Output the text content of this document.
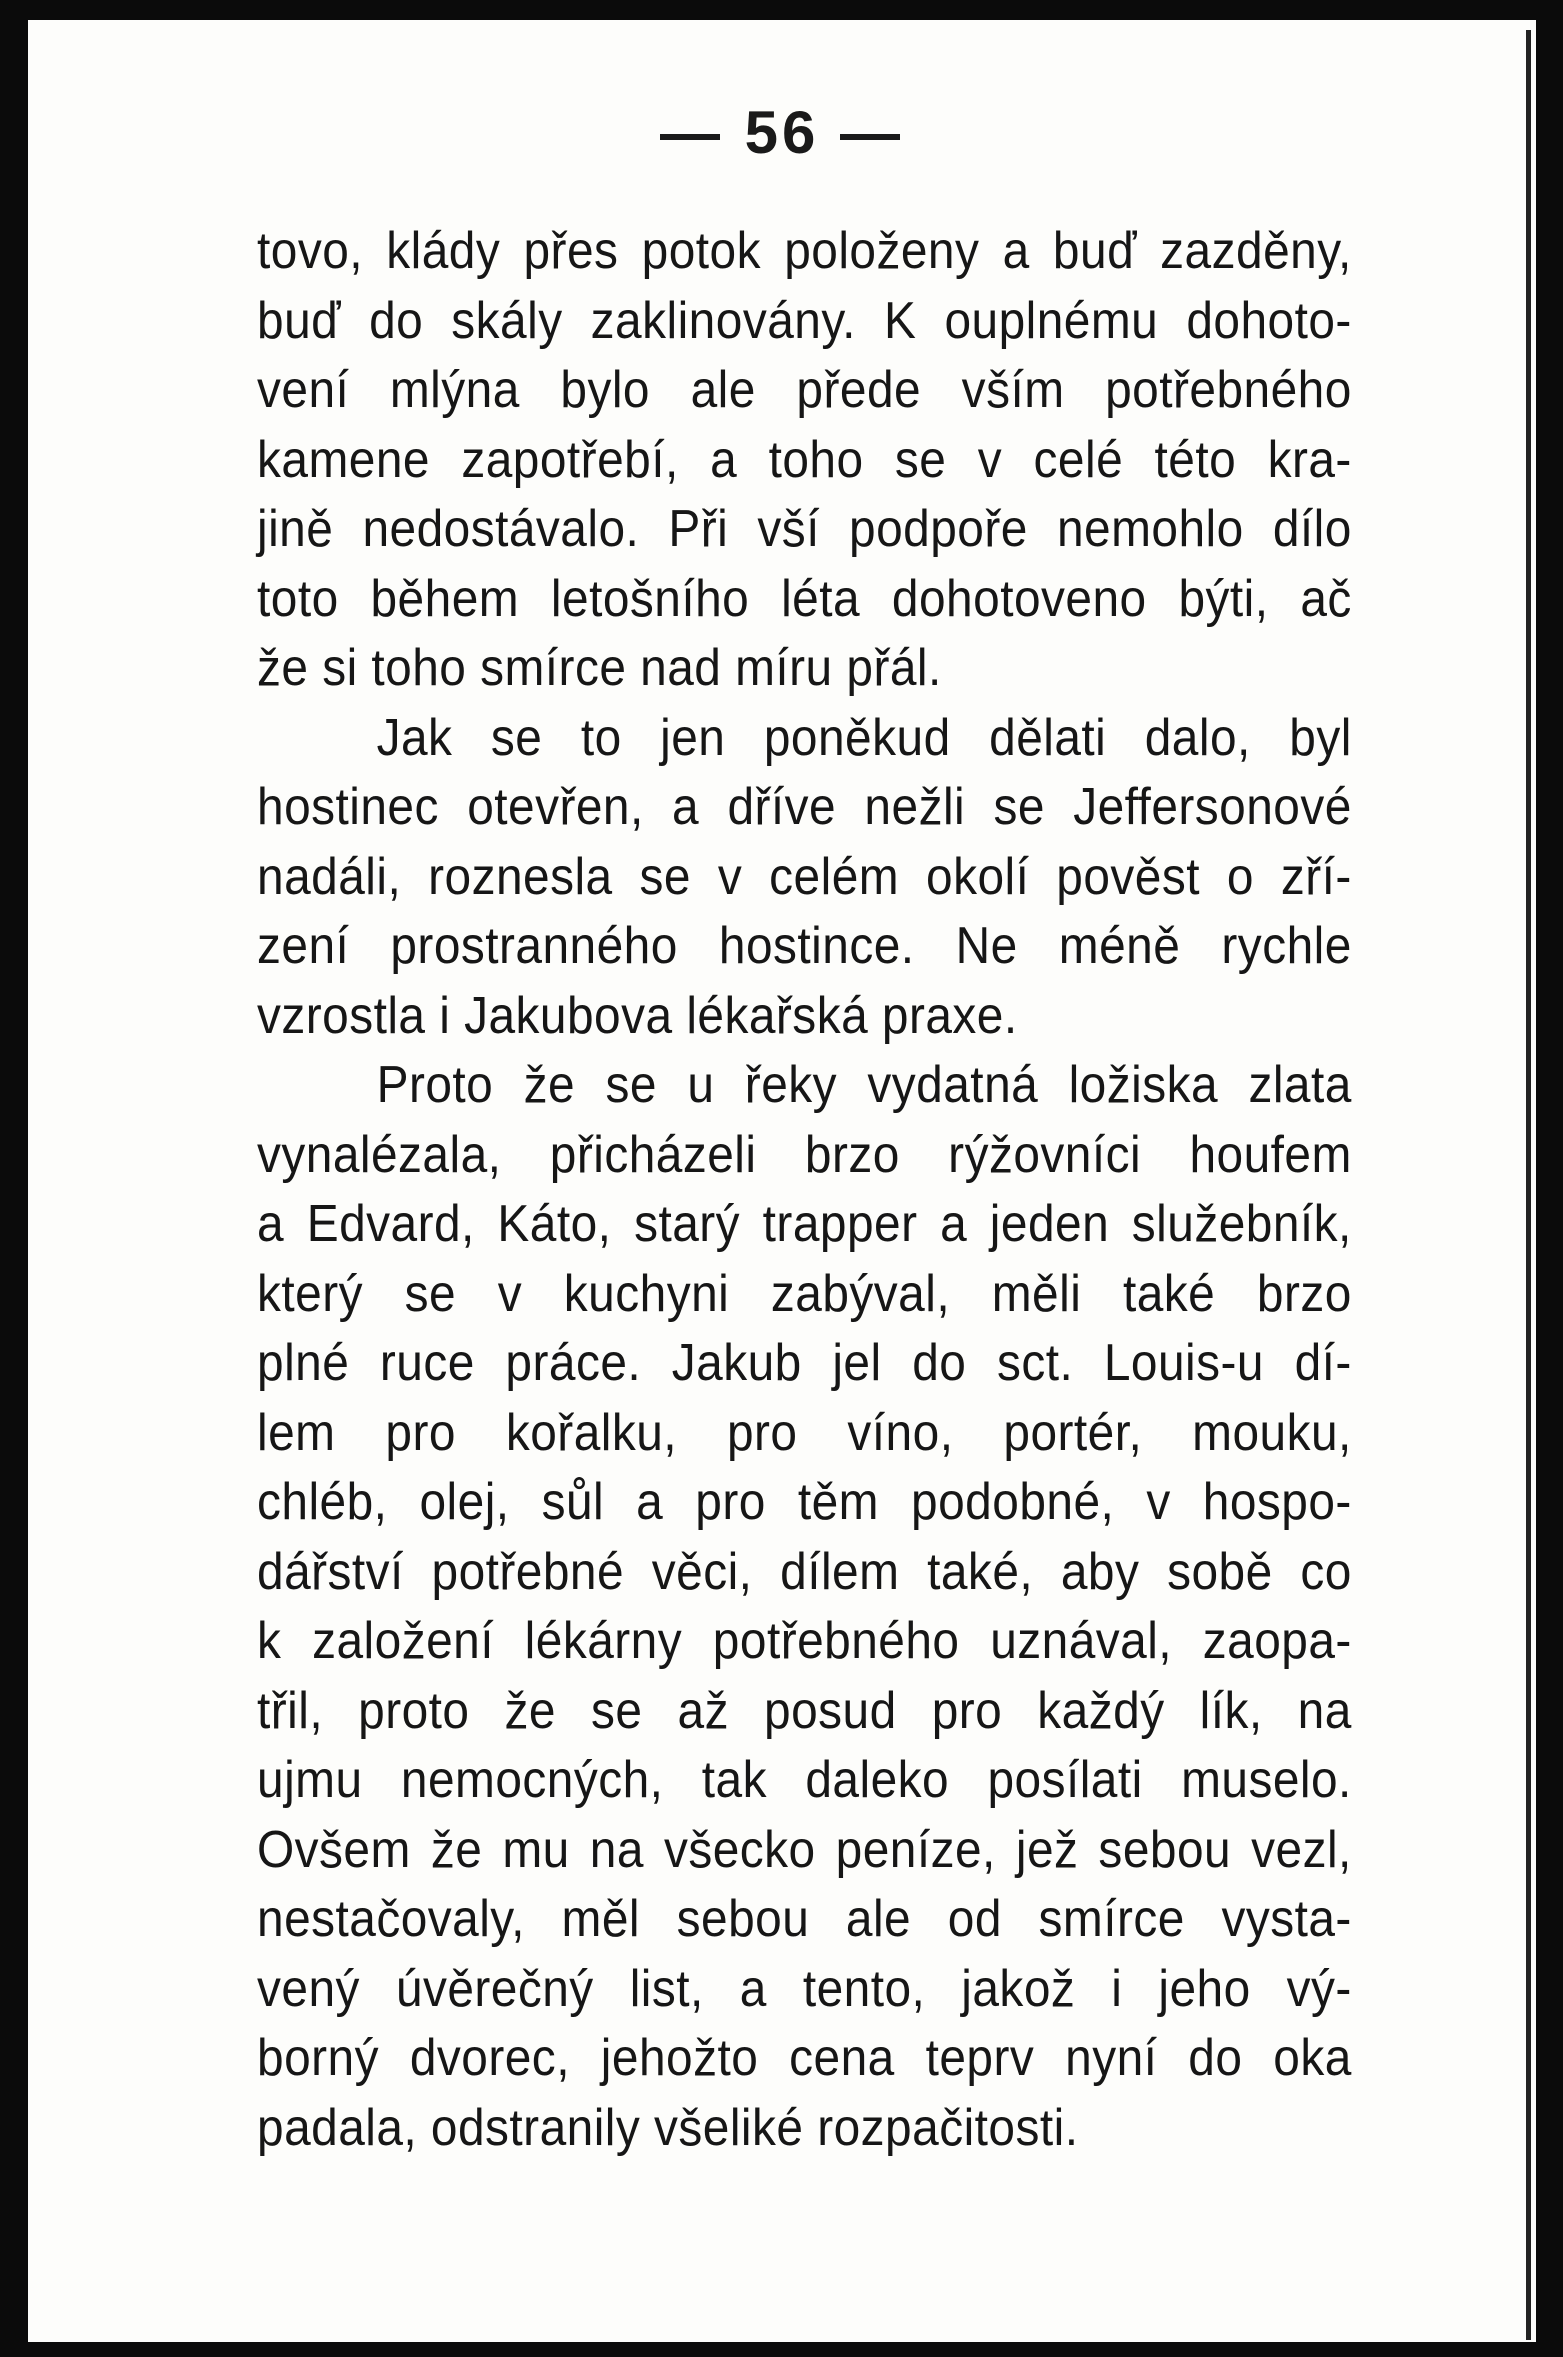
— 56 —
tovo, klády přes potok položeny a buď zazděny,
buď do skály zaklinovány. K ouplnému dohoto-
vení mlýna bylo ale přede vším potřebného
kamene zapotřebí, a toho se v celé této kra-
jině nedostávalo. Při vší podpoře nemohlo dílo
toto během letošního léta dohotoveno býti, ač
že si toho smírce nad míru přál.
Jak se to jen poněkud dělati dalo, byl
hostinec otevřen, a dříve nežli se Jeffersonové
nadáli, roznesla se v celém okolí pověst o zří-
zení prostranného hostince. Ne méně rychle
vzrostla i Jakubova lékařská praxe.
Proto že se u řeky vydatná ložiska zlata
vynalézala, přicházeli brzo rýžovníci houfem
a Edvard, Káto, starý trapper a jeden služebník,
který se v kuchyni zabýval, měli také brzo
plné ruce práce. Jakub jel do sct. Louis-u dí-
lem pro kořalku, pro víno, portér, mouku,
chléb, olej, sůl a pro těm podobné, v hospo-
dářství potřebné věci, dílem také, aby sobě co
k založení lékárny potřebného uznával, zaopa-
třil, proto že se až posud pro každý lík, na
ujmu nemocných, tak daleko posílati muselo.
Ovšem že mu na všecko peníze, jež sebou vezl,
nestačovaly, měl sebou ale od smírce vysta-
vený úvěrečný list, a tento, jakož i jeho vý-
borný dvorec, jehožto cena teprv nyní do oka
padala, odstranily všeliké rozpačitosti.
